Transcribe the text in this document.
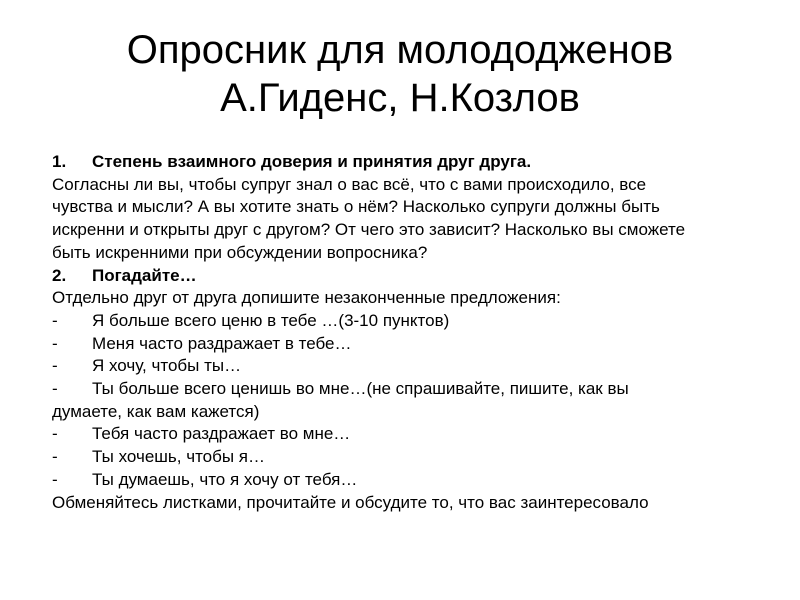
Опросник для молододженов
А.Гиденс, Н.Козлов
1. Степень взаимного доверия и принятия друг друга.
Согласны ли вы, чтобы супруг знал о вас всё, что с вами происходило, все
чувства и мысли? А вы хотите знать о нём? Насколько супруги должны быть
искренни и открыты друг с другом? От чего это зависит? Насколько вы сможете
быть искренними при обсуждении вопросника?
2. Погадайте…
Отдельно друг от друга допишите незаконченные предложения:
- Я больше всего ценю в тебе …(3-10 пунктов)
- Меня часто раздражает в тебе…
- Я хочу, чтобы ты…
- Ты больше всего ценишь во мне…(не спрашивайте, пишите, как вы
думаете, как вам кажется)
- Тебя часто раздражает во мне…
- Ты хочешь, чтобы я…
- Ты думаешь, что я хочу от тебя…
Обменяйтесь листками, прочитайте и обсудите то, что вас заинтересовало
